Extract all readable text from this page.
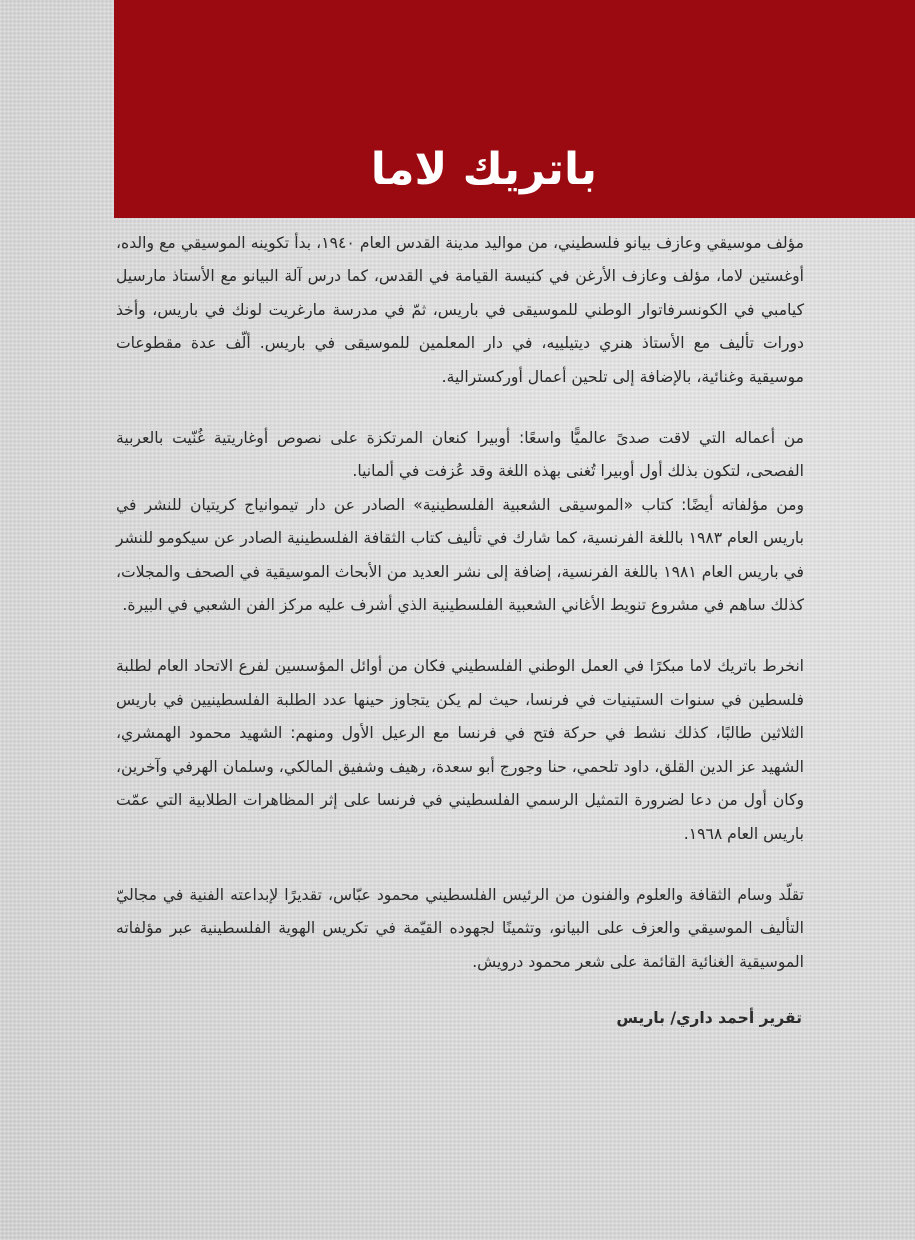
باتريك لاما

مؤلف موسيقي وعازف بيانو فلسطيني، من مواليد مدينة القدس العام ١٩٤٠، بدأ تكوينه الموسيقي مع والده، أوغستين لاما، مؤلف وعازف الأرغن في كنيسة القيامة في القدس، كما درس آلة البيانو مع الأستاذ مارسيل كيامبي في الكونسرفاتوار الوطني للموسيقى في باريس، ثمّ في مدرسة مارغريت لونك في باريس، وأخذ دورات تأليف مع الأستاذ هنري ديتيلييه، في دار المعلمين للموسيقى في باريس. ألّف عدة مقطوعات موسيقية وغنائية، بالإضافة إلى تلحين أعمال أوركسترالية.

من أعماله التي لاقت صدىً عالميًّا واسعًا: أوبيرا كنعان المرتكزة على نصوص أوغاريتية غُنّيت بالعربية الفصحى، لتكون بذلك أول أوبيرا تُغنى بهذه اللغة وقد عُزفت في ألمانيا.

ومن مؤلفاته أيضًا: كتاب «الموسيقى الشعبية الفلسطينية» الصادر عن دار تيموانياج كريتيان للنشر في باريس العام ١٩٨٣ باللغة الفرنسية، كما شارك في تأليف كتاب الثقافة الفلسطينية الصادر عن سيكومو للنشر في باريس العام ١٩٨١ باللغة الفرنسية، إضافة إلى نشر العديد من الأبحاث الموسيقية في الصحف والمجلات، كذلك ساهم في مشروع تنويط الأغاني الشعبية الفلسطينية الذي أشرف عليه مركز الفن الشعبي في البيرة.

انخرط باتريك لاما مبكرًا في العمل الوطني الفلسطيني فكان من أوائل المؤسسين لفرع الاتحاد العام لطلبة فلسطين في سنوات الستينيات في فرنسا، حيث لم يكن يتجاوز حينها عدد الطلبة الفلسطينيين في باريس الثلاثين طالبًا، كذلك نشط في حركة فتح في فرنسا مع الرعيل الأول ومنهم: الشهيد محمود الهمشري، الشهيد عز الدين القلق، داود تلحمي، حنا وجورج أبو سعدة، رهيف وشفيق المالكي، وسلمان الهرفي وآخرين، وكان أول من دعا لضرورة التمثيل الرسمي الفلسطيني في فرنسا على إثر المظاهرات الطلابية التي عمّت باريس العام ١٩٦٨.

تقلّد وسام الثقافة والعلوم والفنون من الرئيس الفلسطيني محمود عبّاس، تقديرًا لإبداعته الفنية في مجاليّ التأليف الموسيقي والعزف على البيانو، وتثمينًا لجهوده القيّمة في تكريس الهوية الفلسطينية عبر مؤلفاته الموسيقية الغنائية القائمة على شعر محمود درويش.

تقرير أحمد داري/ باريس
